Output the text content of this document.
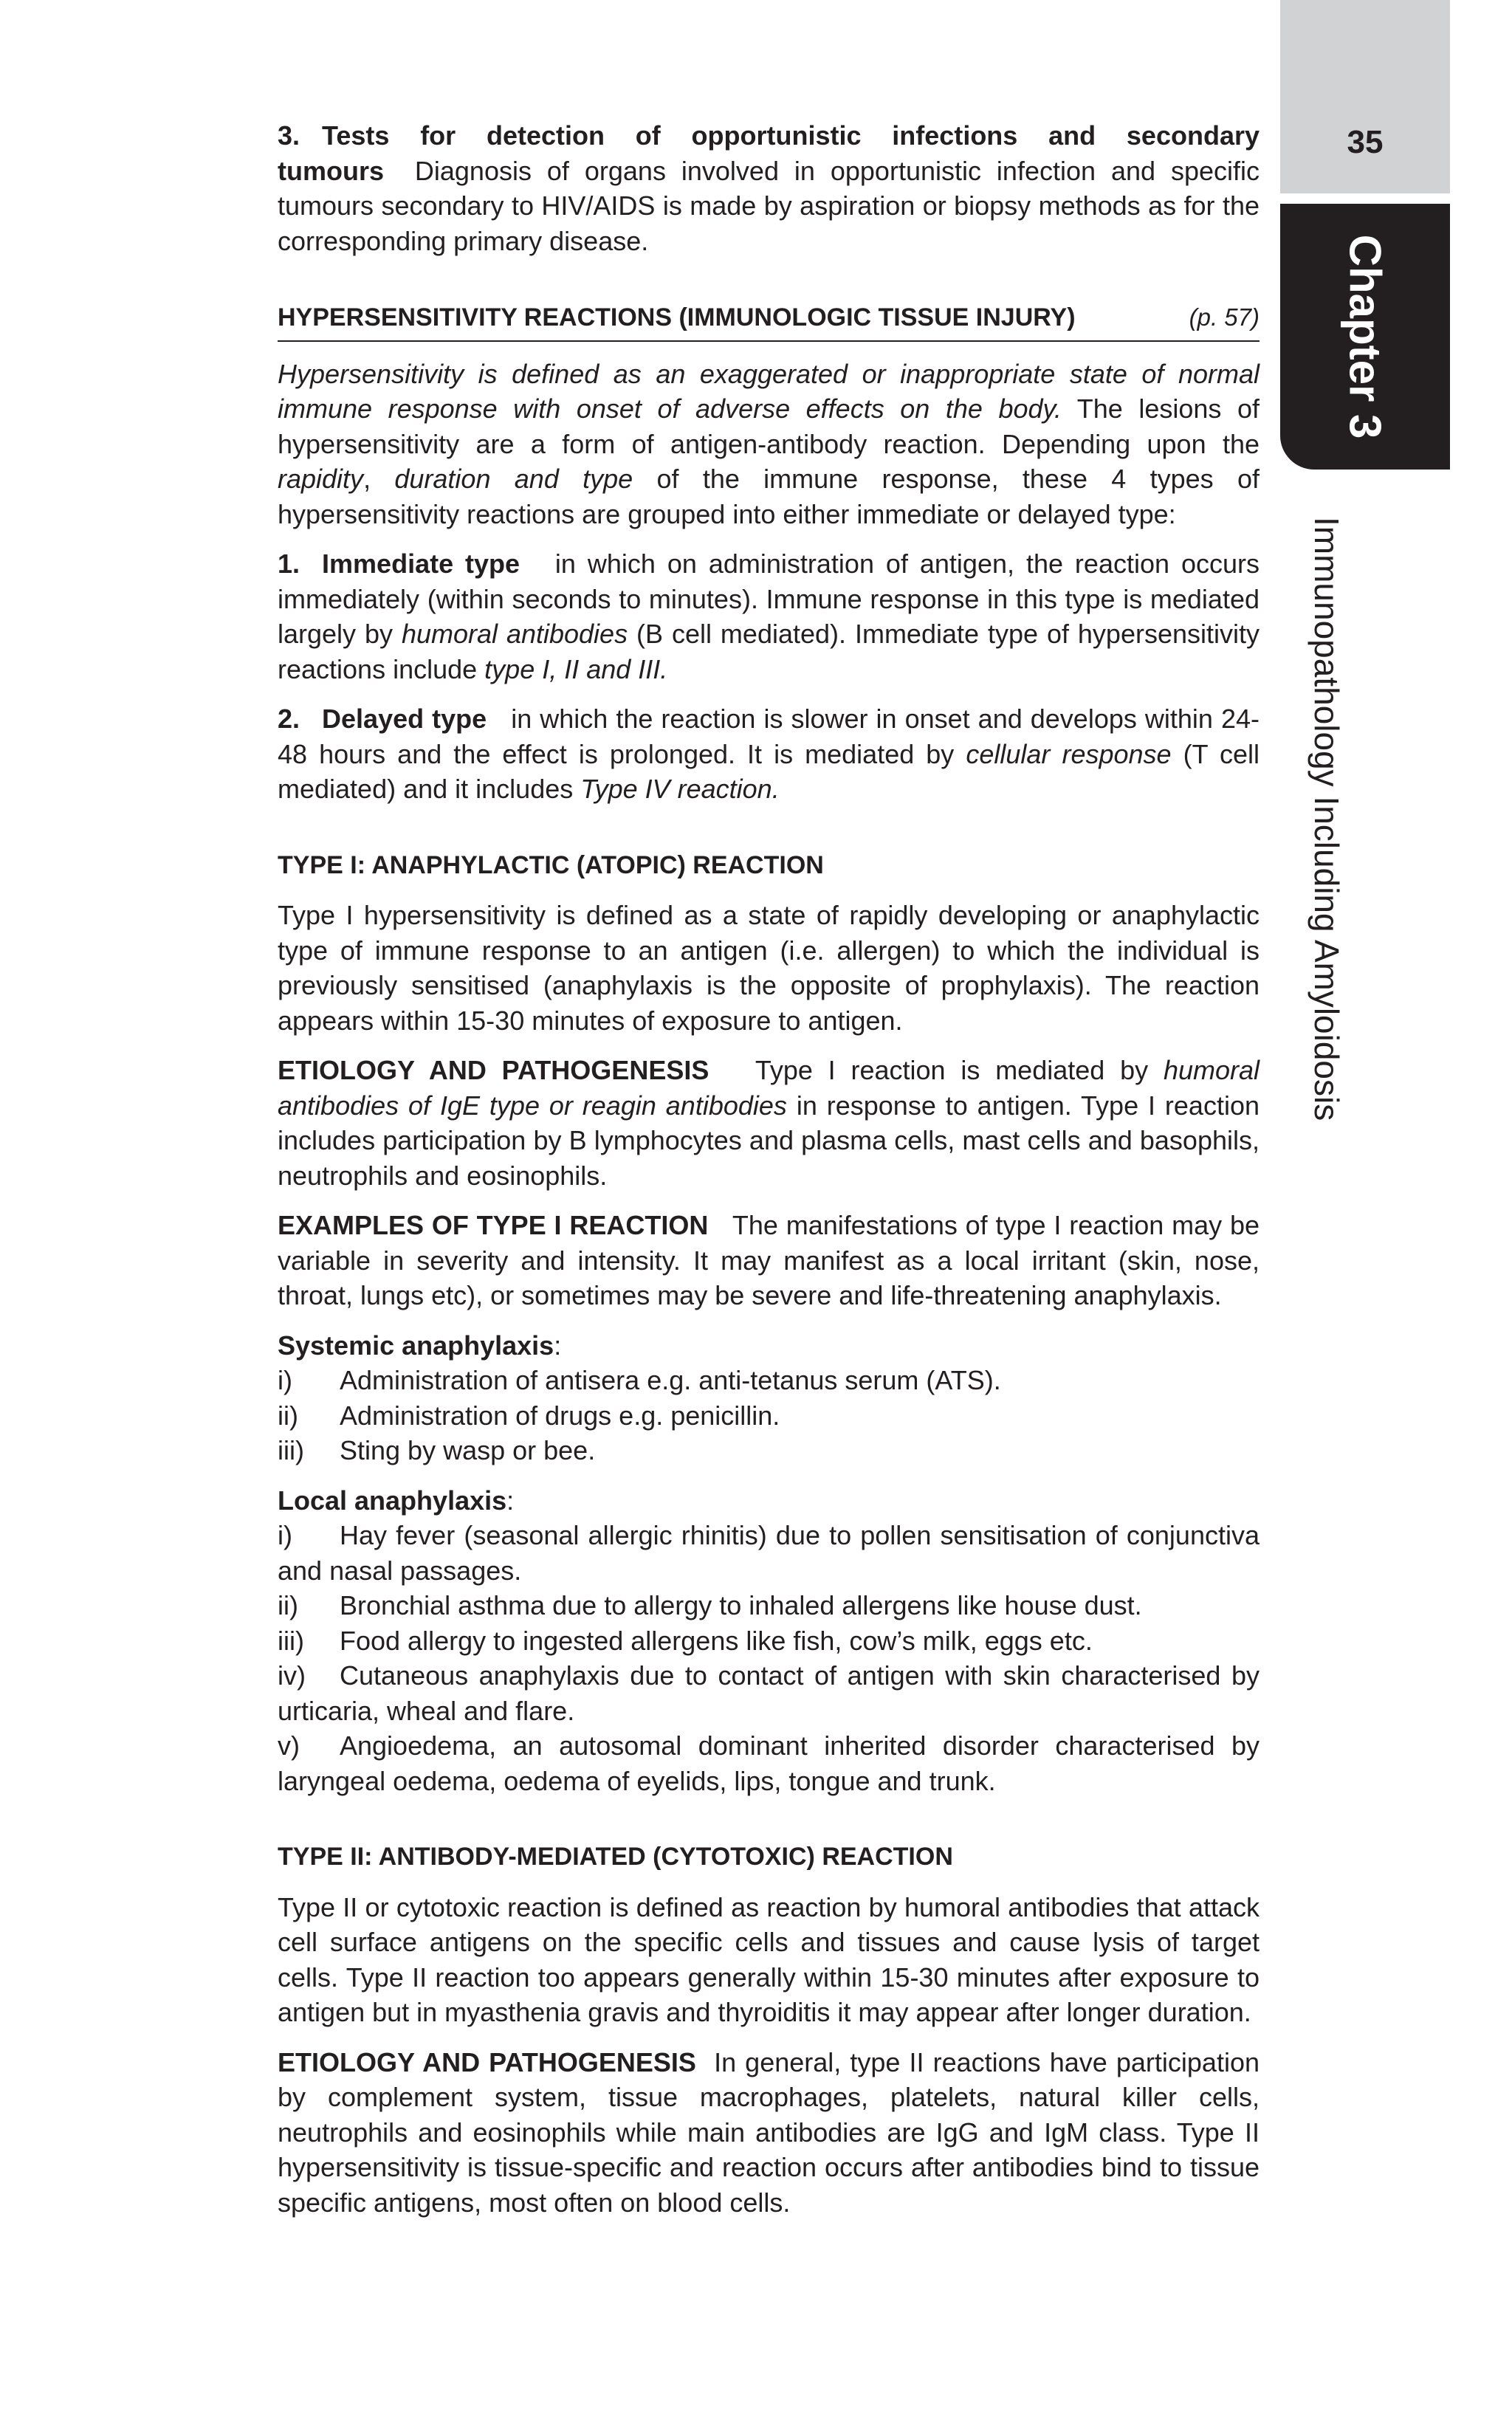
35
Chapter 3
Immunopathology Including Amyloidosis

3. Tests for detection of opportunistic infections and secondary tumours Diagnosis of organs involved in opportunistic infection and specific tumours secondary to HIV/AIDS is made by aspiration or biopsy methods as for the corresponding primary disease.

HYPERSENSITIVITY REACTIONS (IMMUNOLOGIC TISSUE INJURY)	(p. 57)

Hypersensitivity is defined as an exaggerated or inappropriate state of normal immune response with onset of adverse effects on the body. The lesions of hypersensitivity are a form of antigen-antibody reaction. Depending upon the rapidity, duration and type of the immune response, these 4 types of hypersensitivity reactions are grouped into either immediate or delayed type:

1. Immediate type in which on administration of antigen, the reaction occurs immediately (within seconds to minutes). Immune response in this type is mediated largely by humoral antibodies (B cell mediated). Immediate type of hypersensitivity reactions include type I, II and III.

2. Delayed type in which the reaction is slower in onset and develops within 24-48 hours and the effect is prolonged. It is mediated by cellular response (T cell mediated) and it includes Type IV reaction.

TYPE I: ANAPHYLACTIC (ATOPIC) REACTION

Type I hypersensitivity is defined as a state of rapidly developing or anaphylactic type of immune response to an antigen (i.e. allergen) to which the individual is previously sensitised (anaphylaxis is the opposite of prophylaxis). The reaction appears within 15-30 minutes of exposure to antigen.

ETIOLOGY AND PATHOGENESIS Type I reaction is mediated by humoral antibodies of IgE type or reagin antibodies in response to antigen. Type I reaction includes participation by B lymphocytes and plasma cells, mast cells and basophils, neutrophils and eosinophils.

EXAMPLES OF TYPE I REACTION The manifestations of type I reaction may be variable in severity and intensity. It may manifest as a local irritant (skin, nose, throat, lungs etc), or sometimes may be severe and life-threatening anaphylaxis.

Systemic anaphylaxis:

i) Administration of antisera e.g. anti-tetanus serum (ATS).
ii) Administration of drugs e.g. penicillin.
iii) Sting by wasp or bee.

Local anaphylaxis:

i) Hay fever (seasonal allergic rhinitis) due to pollen sensitisation of conjunctiva and nasal passages.
ii) Bronchial asthma due to allergy to inhaled allergens like house dust.
iii) Food allergy to ingested allergens like fish, cow’s milk, eggs etc.
iv) Cutaneous anaphylaxis due to contact of antigen with skin characterised by urticaria, wheal and flare.
v) Angioedema, an autosomal dominant inherited disorder characterised by laryngeal oedema, oedema of eyelids, lips, tongue and trunk.
TYPE II: ANTIBODY-MEDIATED (CYTOTOXIC) REACTION

Type II or cytotoxic reaction is defined as reaction by humoral antibodies that attack cell surface antigens on the specific cells and tissues and cause lysis of target cells. Type II reaction too appears generally within 15-30 minutes after exposure to antigen but in myasthenia gravis and thyroiditis it may appear after longer duration.

ETIOLOGY AND PATHOGENESIS In general, type II reactions have participation by complement system, tissue macrophages, platelets, natural killer cells, neutrophils and eosinophils while main antibodies are IgG and IgM class. Type II hypersensitivity is tissue-specific and reaction occurs after antibodies bind to tissue specific antigens, most often on blood cells.
